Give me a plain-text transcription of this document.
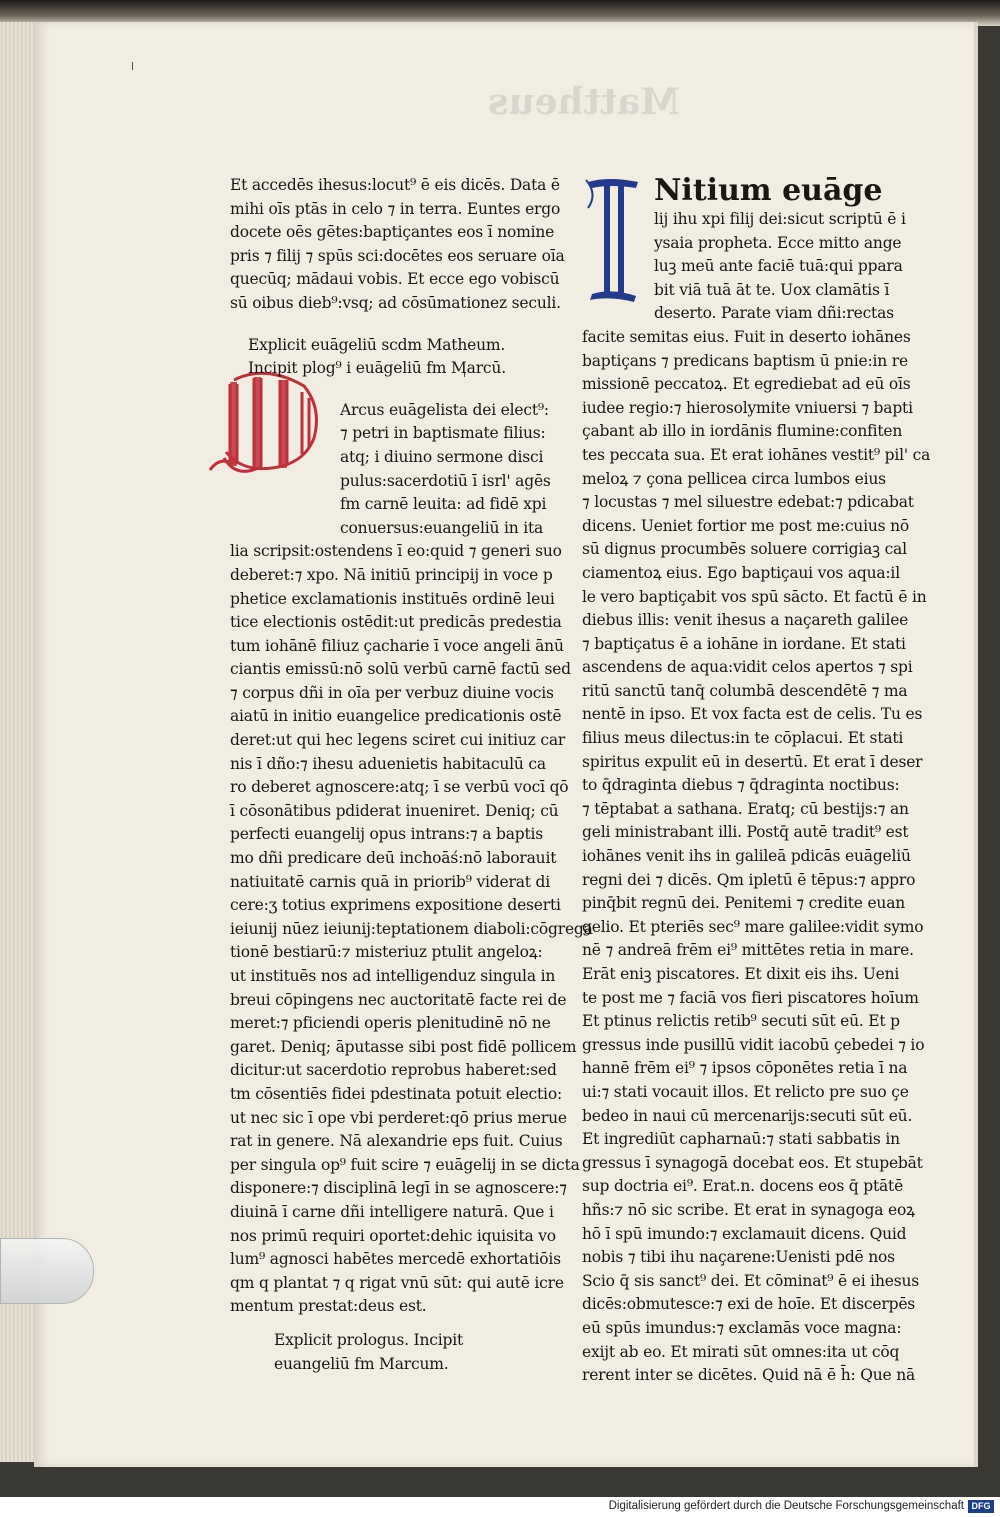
Mattheus
Et accedēs ihesus:locut⁹ ē eis dicēs. Data ē
mihi oīs ptās in celo ⁊ in terra. Euntes ergo
docete oēs gētes:baptiçantes eos ī nomine
pris ⁊ filij ⁊ spūs sci:docētes eos seruare oīa
quecūq; mādaui vobis. Et ecce ego vobiscū
sū oibus dieb⁹:vsq; ad cōsūmationez seculi.
Explicit euāgeliū scdm Matheum.
Incipit plog⁹ i euāgeliū fm Marcū.
Arcus euāgelista dei elect⁹:
⁊ petri in baptismate filius:
atq; i diuino sermone disci
pulus:sacerdotiū ī isrl' agēs
fm carnē leuita: ad fidē xpi
conuersus:euangeliū in ita
lia scripsit:ostendens ī eo:quid ⁊ generi suo
deberet:⁊ xpo. Nā initiū principij in voce p
phetice exclamationis instituēs ordinē leui
tice electionis ostēdit:ut predicās predestia
tum iohānē filiuz çacharie ī voce angeli ānū
ciantis emissū:nō solū verbū carnē factū sed
⁊ corpus dñi in oīa per verbuz diuine vocis
aiatū in initio euangelice predicationis ostē
deret:ut qui hec legens sciret cui initiuz car
nis ī dño:⁊ ihesu aduenietis habitaculū ca
ro deberet agnoscere:atq; ī se verbū vocī qō
ī cōsonātibus pdiderat inueniret. Deniq; cū
perfecti euangelij opus intrans:⁊ a baptis
mo dñi predicare deū inchoāś:nō laborauit
natiuitatē carnis quā in priorib⁹ viderat di
cere:ʒ totius exprimens expositione deserti
ieiunij nūez ieiunij:teptationem diaboli:cōgrega
tionē bestiarū:⁊ misteriuz ptulit angeloꝝ:
ut instituēs nos ad intelligenduz singula in
breui cōpingens nec auctoritatē facte rei de
meret:⁊ pficiendi operis plenitudinē nō ne
garet. Deniq; āputasse sibi post fidē pollicem
dicitur:ut sacerdotio reprobus haberet:sed
tm cōsentiēs fidei pdestinata potuit electio:
ut nec sic ī ope vbi perderet:qō prius merue
rat in genere. Nā alexandrie eps fuit. Cuius
per singula op⁹ fuit scire ⁊ euāgelij in se dicta
disponere:⁊ disciplinā legī in se agnoscere:⁊
diuinā ī carne dñi intelligere naturā. Que i
nos primū requiri oportet:dehic iquisita vo
lum⁹ agnosci habētes mercedē exhortatiōis
qm q plantat ⁊ q rigat vnū sūt: qui autē icre
mentum prestat:deus est.
Explicit prologus. Incipit
euangeliū fm Marcum.
Nitium euāge
lij ihu xpi filij dei:sicut scriptū ē i
ysaia propheta. Ecce mitto ange
luꝫ meū ante faciē tuā:qui ppara
bit viā tuā āt te. Uox clamātis ī
deserto. Parate viam dñi:rectas
facite semitas eius. Fuit in deserto iohānes
baptiçans ⁊ predicans baptism ū pnie:in re
missionē peccatoꝝ. Et egrediebat ad eū oīs
iudee regio:⁊ hierosolymite vniuersi ⁊ bapti
çabant ab illo in iordānis flumine:confiten
tes peccata sua. Et erat iohānes vestit⁹ pil' ca
meloꝝ ⁊ çona pellicea circa lumbos eius
⁊ locustas ⁊ mel siluestre edebat:⁊ pdicabat
dicens. Ueniet fortior me post me:cuius nō
sū dignus procumbēs soluere corrigiaꝫ cal
ciamentoꝝ eius. Ego baptiçaui vos aqua:il
le vero baptiçabit vos spū sācto. Et factū ē in
diebus illis: venit ihesus a naçareth galilee
⁊ baptiçatus ē a iohāne in iordane. Et stati
ascendens de aqua:vidit celos apertos ⁊ spi
ritū sanctū tanq̄ columbā descendētē ⁊ ma
nentē in ipso. Et vox facta est de celis. Tu es
filius meus dilectus:in te cōplacui. Et stati
spiritus expulit eū in desertū. Et erat ī deser
to q̄draginta diebus ⁊ q̄draginta noctibus:
⁊ tēptabat a sathana. Eratq; cū bestijs:⁊ an
geli ministrabant illi. Postq̄ autē tradit⁹ est
iohānes venit ihs in galileā pdicās euāgeliū
regni dei ⁊ dicēs. Qm ipletū ē tēpus:⁊ appro
pinq̄bit regnū dei. Penitemi ⁊ credite euan
gelio. Et pteriēs sec⁹ mare galilee:vidit symo
nē ⁊ andreā frēm ei⁹ mittētes retia in mare.
Erāt eniꝫ piscatores. Et dixit eis ihs. Ueni
te post me ⁊ faciā vos fieri piscatores hoīum
Et ptinus relictis retib⁹ secuti sūt eū. Et p
gressus inde pusillū vidit iacobū çebedei ⁊ io
hannē frēm ei⁹ ⁊ ipsos cōponētes retia ī na
ui:⁊ stati vocauit illos. Et relicto pre suo çe
bedeo in naui cū mercenarijs:secuti sūt eū.
Et ingrediūt capharnaū:⁊ stati sabbatis in
gressus ī synagogā docebat eos. Et stupebāt
sup doctria ei⁹. Erat.n. docens eos q̄ ptātē
hñs:⁊ nō sic scribe. Et erat in synagoga eoꝝ
hō ī spū imundo:⁊ exclamauit dicens. Quid
nobis ⁊ tibi ihu naçarene:Uenisti pdē nos
Scio q̄ sis sanct⁹ dei. Et cōminat⁹ ē ei ihesus
dicēs:obmutesce:⁊ exi de hoīe. Et discerpēs
eū spūs imundus:⁊ exclamās voce magna:
exijt ab eo. Et mirati sūt omnes:ita ut cōq
rerent inter se dicētes. Quid nā ē h̄: Que nā
Digitalisierung gefördert durch die Deutsche Forschungsgemeinschaft DFG
